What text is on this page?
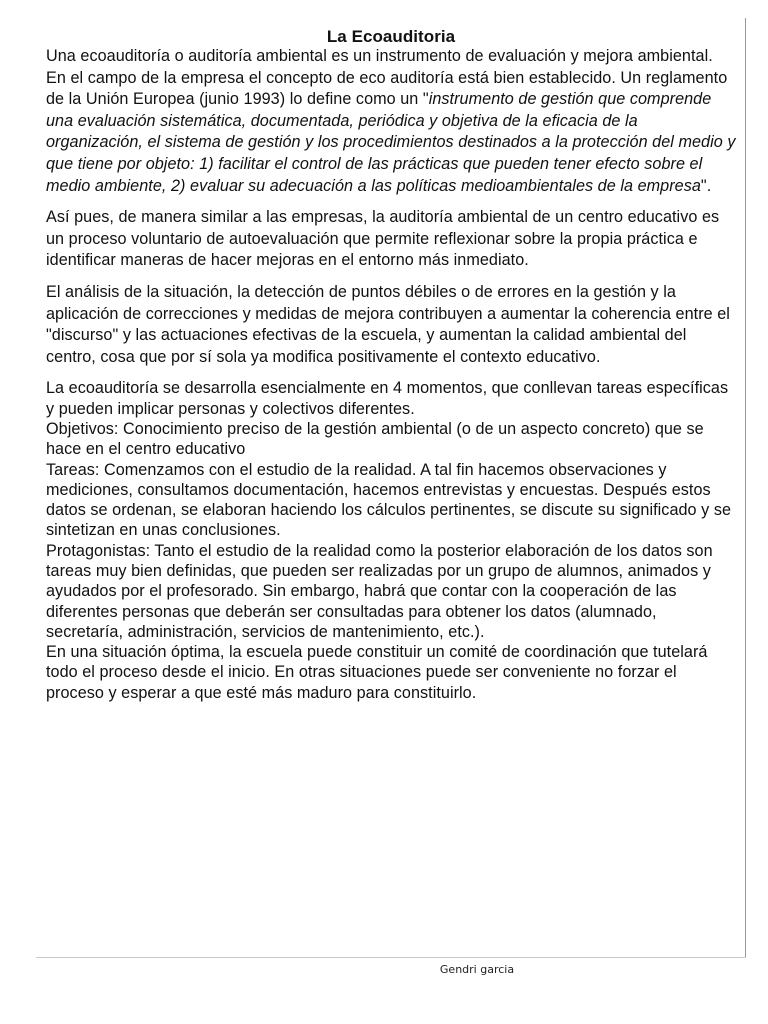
La Ecoauditoria

Una ecoauditoría o auditoría ambiental es un instrumento de evaluación y mejora ambiental. En el campo de la empresa el concepto de eco auditoría está bien establecido. Un reglamento de la Unión Europea (junio 1993) lo define como un "instrumento de gestión que comprende una evaluación sistemática, documentada, periódica y objetiva de la eficacia de la organización, el sistema de gestión y los procedimientos destinados a la protección del medio y que tiene por objeto: 1) facilitar el control de las prácticas que pueden tener efecto sobre el medio ambiente, 2) evaluar su adecuación a las políticas medioambientales de la empresa".

Así pues, de manera similar a las empresas, la auditoría ambiental de un centro educativo es un proceso voluntario de autoevaluación que permite reflexionar sobre la propia práctica e identificar maneras de hacer mejoras en el entorno más inmediato.

El análisis de la situación, la detección de puntos débiles o de errores en la gestión y la aplicación de correcciones y medidas de mejora contribuyen a aumentar la coherencia entre el "discurso" y las actuaciones efectivas de la escuela, y aumentan la calidad ambiental del centro, cosa que por sí sola ya modifica positivamente el contexto educativo.

La ecoauditoría se desarrolla esencialmente en 4 momentos, que conllevan tareas específicas y pueden implicar personas y colectivos diferentes.

Objetivos: Conocimiento preciso de la gestión ambiental (o de un aspecto concreto) que se hace en el centro educativo

Tareas: Comenzamos con el estudio de la realidad. A tal fin hacemos observaciones y mediciones, consultamos documentación, hacemos entrevistas y encuestas. Después estos datos se ordenan, se elaboran haciendo los cálculos pertinentes, se discute su significado y se sintetizan en unas conclusiones.

Protagonistas: Tanto el estudio de la realidad como la posterior elaboración de los datos son tareas muy bien definidas, que pueden ser realizadas por un grupo de alumnos, animados y ayudados por el profesorado. Sin embargo, habrá que contar con la cooperación de las diferentes personas que deberán ser consultadas para obtener los datos (alumnado, secretaría, administración, servicios de mantenimiento, etc.).

En una situación óptima, la escuela puede constituir un comité de coordinación que tutelará todo el proceso desde el inicio. En otras situaciones puede ser conveniente no forzar el proceso y esperar a que esté más maduro para constituirlo.

Gendri garcia
